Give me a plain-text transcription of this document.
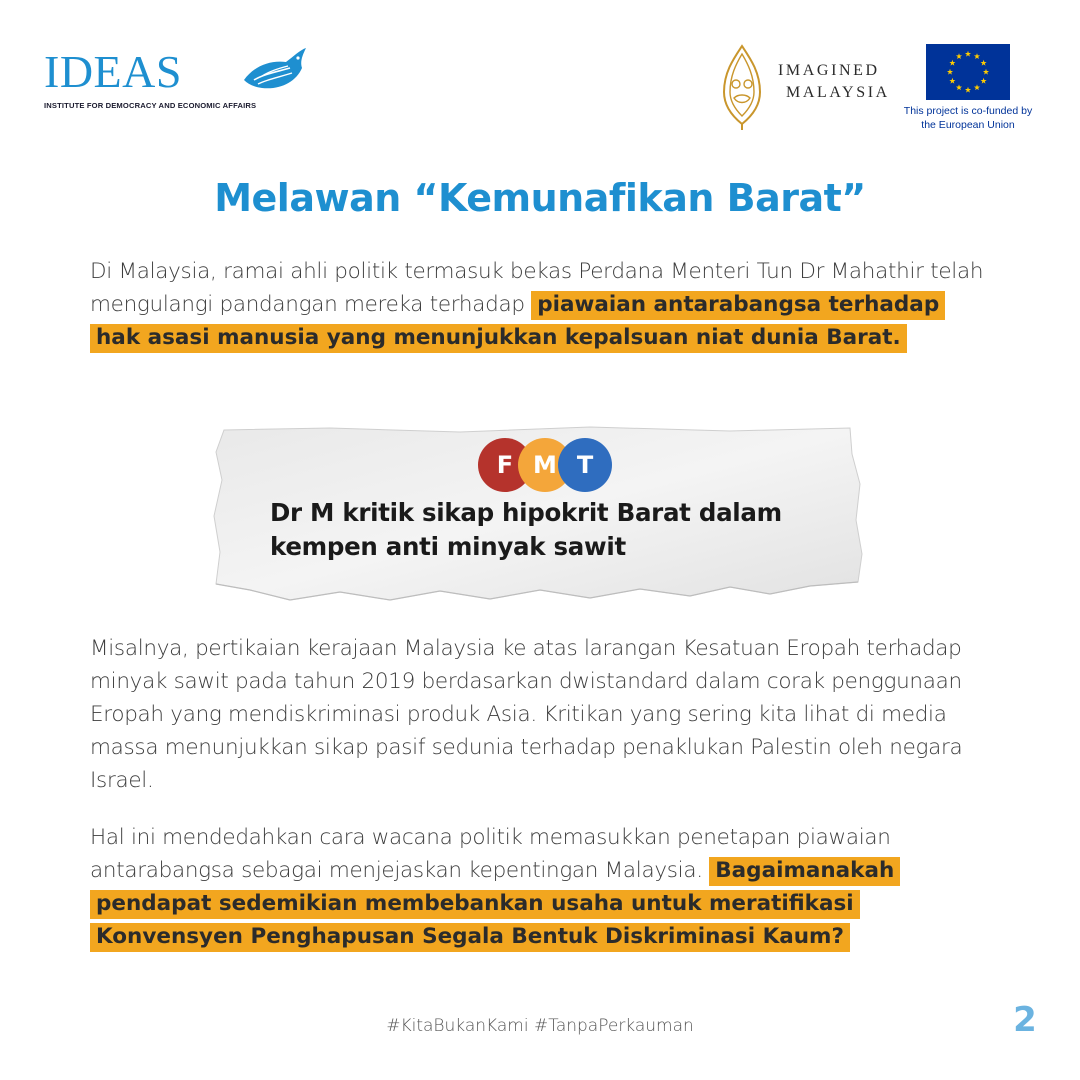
IDEAS
INSTITUTE FOR DEMOCRACY AND ECONOMIC AFFAIRS
IMAGINED
MALAYSIA
This project is co-funded by
the European Union
Melawan “Kemunafikan Barat”

Di Malaysia, ramai ahli politik termasuk bekas Perdana Menteri Tun Dr Mahathir telah mengulangi pandangan mereka terhadap piawaian antarabangsa terhadap hak asasi manusia yang menunjukkan kepalsuan niat dunia Barat.

F M T
Dr M kritik sikap hipokrit Barat dalam kempen anti minyak sawit

Misalnya, pertikaian kerajaan Malaysia ke atas larangan Kesatuan Eropah terhadap minyak sawit pada tahun 2019 berdasarkan dwistandard dalam corak penggunaan Eropah yang mendiskriminasi produk Asia. Kritikan yang sering kita lihat di media massa menunjukkan sikap pasif sedunia terhadap penaklukan Palestin oleh negara Israel.

Hal ini mendedahkan cara wacana politik memasukkan penetapan piawaian antarabangsa sebagai menjejaskan kepentingan Malaysia. Bagaimanakah pendapat sedemikian membebankan usaha untuk meratifikasi Konvensyen Penghapusan Segala Bentuk Diskriminasi Kaum?

#KitaBukanKami #TanpaPerkauman	2
